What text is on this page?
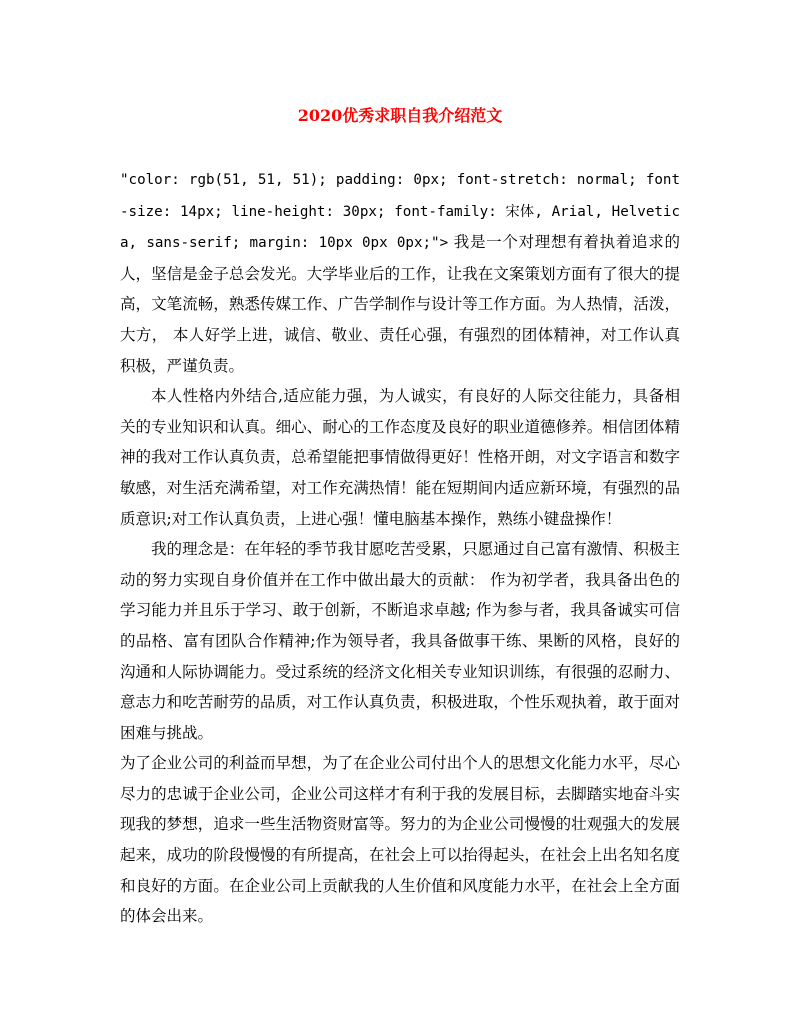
2020优秀求职自我介绍范文

"color: rgb(51, 51, 51); padding: 0px; font-stretch: normal; font-size: 14px; line-height: 30px; font-family: 宋体, Arial, Helvetica, sans-serif; margin: 10px 0px 0px;"> 我是一个对理想有着执着追求的人，坚信是金子总会发光。大学毕业后的工作，让我在文案策划方面有了很大的提高，文笔流畅，熟悉传媒工作、广告学制作与设计等工作方面。为人热情，活泼，大方， 本人好学上进，诚信、敬业、责任心强，有强烈的团体精神，对工作认真积极，严谨负责。

本人性格内外结合,适应能力强，为人诚实，有良好的人际交往能力，具备相关的专业知识和认真。细心、耐心的工作态度及良好的职业道德修养。相信团体精神的我对工作认真负责，总希望能把事情做得更好！性格开朗，对文字语言和数字敏感，对生活充满希望，对工作充满热情！能在短期间内适应新环境，有强烈的品质意识;对工作认真负责，上进心强！懂电脑基本操作，熟练小键盘操作！

我的理念是：在年轻的季节我甘愿吃苦受累，只愿通过自己富有激情、积极主动的努力实现自身价值并在工作中做出最大的贡献： 作为初学者，我具备出色的学习能力并且乐于学习、敢于创新，不断追求卓越; 作为参与者，我具备诚实可信的品格、富有团队合作精神;作为领导者，我具备做事干练、果断的风格，良好的沟通和人际协调能力。受过系统的经济文化相关专业知识训练，有很强的忍耐力、意志力和吃苦耐劳的品质，对工作认真负责，积极进取，个性乐观执着，敢于面对困难与挑战。

为了企业公司的利益而早想，为了在企业公司付出个人的思想文化能力水平，尽心尽力的忠诚于企业公司，企业公司这样才有利于我的发展目标，去脚踏实地奋斗实现我的梦想，追求一些生活物资财富等。努力的为企业公司慢慢的壮观强大的发展起来，成功的阶段慢慢的有所提高，在社会上可以抬得起头，在社会上出名知名度和良好的方面。在企业公司上贡献我的人生价值和风度能力水平，在社会上全方面的体会出来。
